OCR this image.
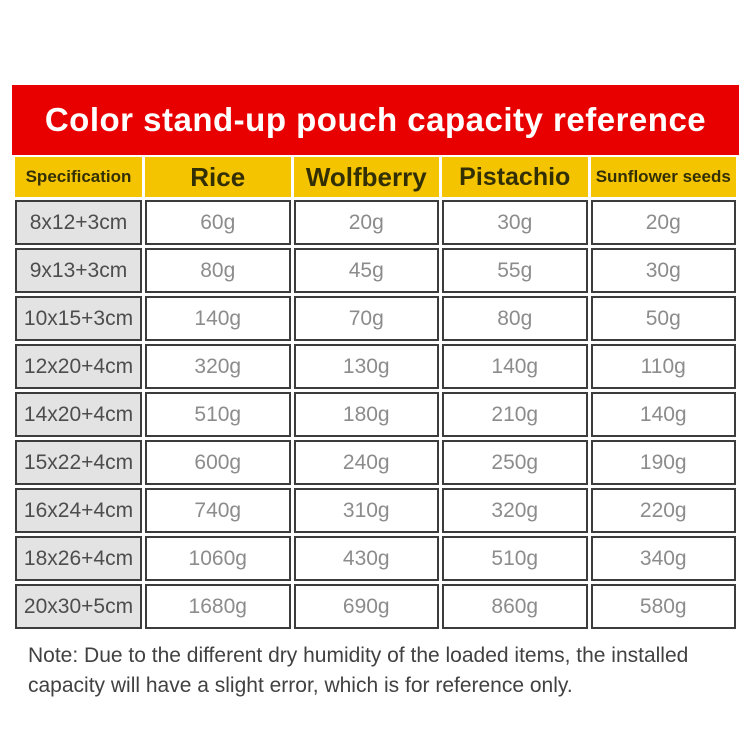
Color stand-up pouch capacity reference
Specification	Rice	Wolfberry	Pistachio	Sunflower seeds
8x12+3cm	60g	20g	30g	20g
9x13+3cm	80g	45g	55g	30g
10x15+3cm	140g	70g	80g	50g
12x20+4cm	320g	130g	140g	110g
14x20+4cm	510g	180g	210g	140g
15x22+4cm	600g	240g	250g	190g
16x24+4cm	740g	310g	320g	220g
18x26+4cm	1060g	430g	510g	340g
20x30+5cm	1680g	690g	860g	580g

Note: Due to the different dry humidity of the loaded items, the installed capacity will have a slight error, which is for reference only.
